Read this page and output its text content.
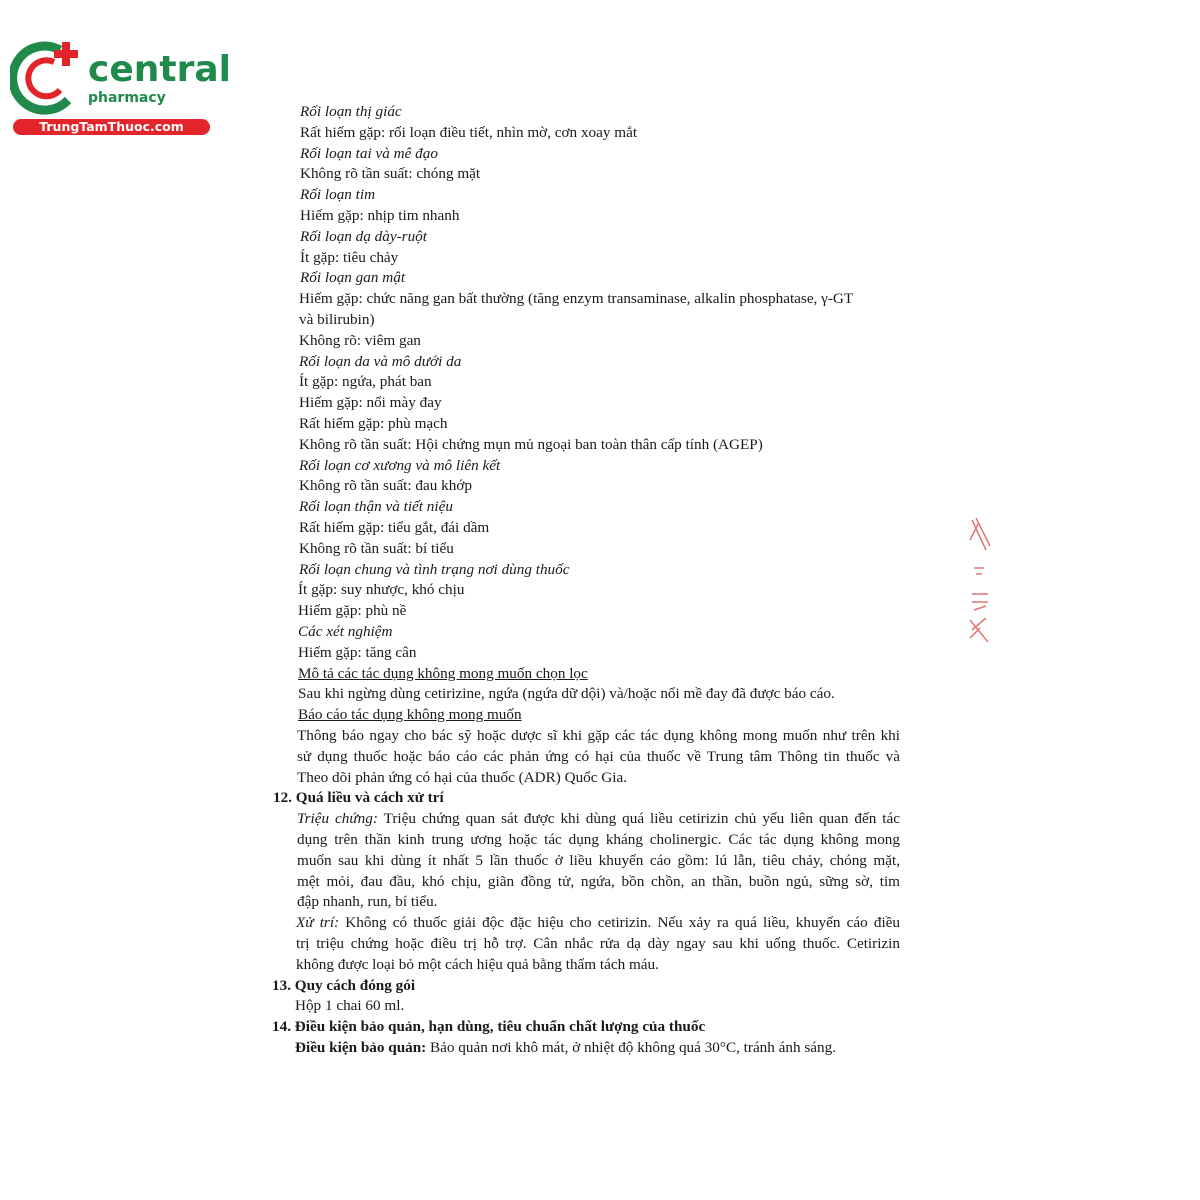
central
pharmacy
TrungTamThuoc.com
Rối loạn thị giác
Rất hiếm gặp: rối loạn điều tiết, nhìn mờ, cơn xoay mắt
Rối loạn tai và mê đạo
Không rõ tần suất: chóng mặt
Rối loạn tim
Hiếm gặp: nhịp tim nhanh
Rối loạn dạ dày-ruột
Ít gặp: tiêu chảy
Rối loạn gan mật
Hiếm gặp: chức năng gan bất thường (tăng enzym transaminase, alkalin phosphatase, γ-GT
và bilirubin)
Không rõ: viêm gan
Rối loạn da và mô dưới da
Ít gặp: ngứa, phát ban
Hiếm gặp: nổi mày đay
Rất hiếm gặp: phù mạch
Không rõ tần suất: Hội chứng mụn mủ ngoại ban toàn thân cấp tính (AGEP)
Rối loạn cơ xương và mô liên kết
Không rõ tần suất: đau khớp
Rối loạn thận và tiết niệu
Rất hiếm gặp: tiểu gắt, đái dầm
Không rõ tần suất: bí tiểu
Rối loạn chung và tình trạng nơi dùng thuốc
Ít gặp: suy nhược, khó chịu
Hiếm gặp: phù nề
Các xét nghiệm
Hiếm gặp: tăng cân
Mô tả các tác dụng không mong muốn chọn lọc
Sau khi ngừng dùng cetirizine, ngứa (ngứa dữ dội) và/hoặc nổi mề đay đã được báo cáo.
Báo cáo tác dụng không mong muốn
Thông báo ngay cho bác sỹ hoặc dược sĩ khi gặp các tác dụng không mong muốn như trên khi
sử dụng thuốc hoặc báo cáo các phản ứng có hại của thuốc về Trung tâm Thông tin thuốc và
Theo dõi phản ứng có hại của thuốc (ADR) Quốc Gia.
12. Quá liều và cách xử trí
Triệu chứng: Triệu chứng quan sát được khi dùng quá liều cetirizin chủ yếu liên quan đến tác
dụng trên thần kinh trung ương hoặc tác dụng kháng cholinergic. Các tác dụng không mong
muốn sau khi dùng ít nhất 5 lần thuốc ở liều khuyến cáo gồm: lú lẫn, tiêu chảy, chóng mặt,
mệt mỏi, đau đầu, khó chịu, giãn đồng tử, ngứa, bồn chồn, an thần, buồn ngủ, sững sờ, tim
đập nhanh, run, bí tiểu.
Xử trí: Không có thuốc giải độc đặc hiệu cho cetirizin. Nếu xảy ra quá liều, khuyến cáo điều
trị triệu chứng hoặc điều trị hỗ trợ. Cân nhắc rửa dạ dày ngay sau khi uống thuốc. Cetirizin
không được loại bỏ một cách hiệu quả bằng thẩm tách máu.
13. Quy cách đóng gói
Hộp 1 chai 60 ml.
14. Điều kiện bảo quản, hạn dùng, tiêu chuẩn chất lượng của thuốc
Điều kiện bảo quản: Bảo quản nơi khô mát, ở nhiệt độ không quá 30°C, tránh ánh sáng.
